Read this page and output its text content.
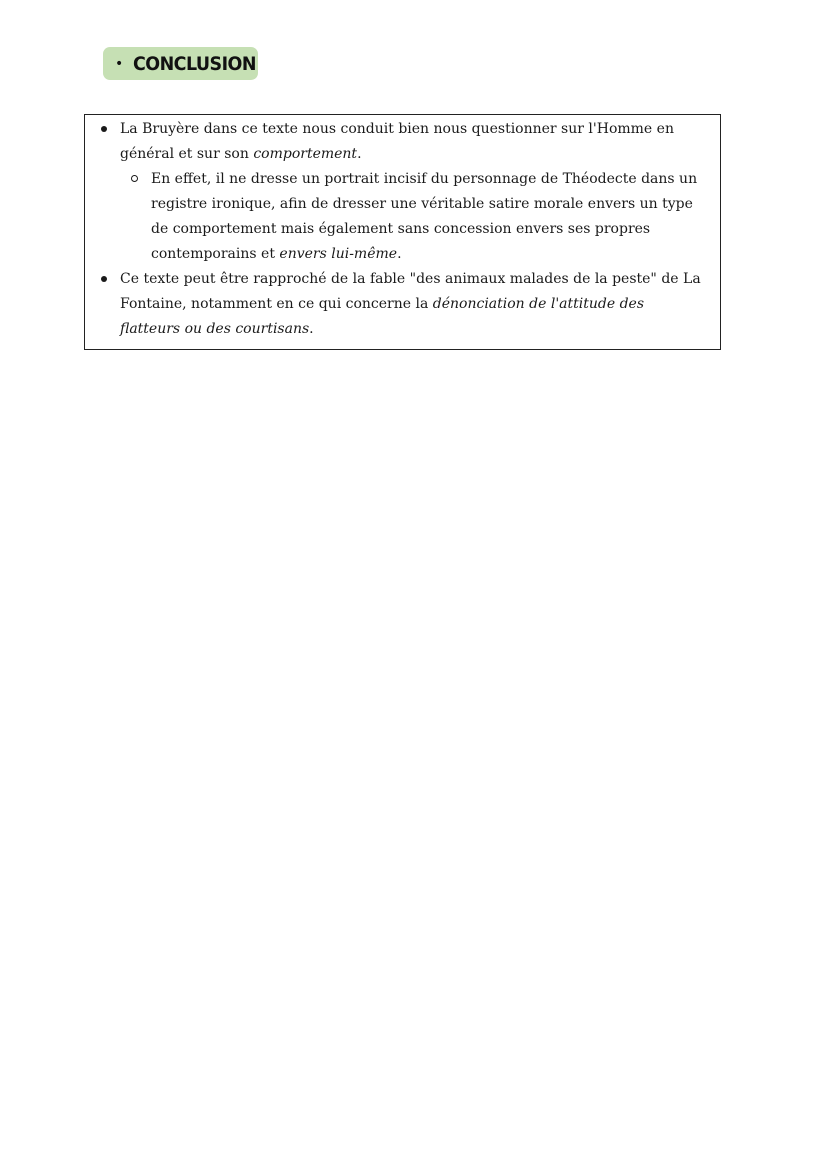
• CONCLUSION
La Bruyère dans ce texte nous conduit bien nous questionner sur l'Homme en
général et sur son comportement.
En effet, il ne dresse un portrait incisif du personnage de Théodecte dans un
registre ironique, afin de dresser une véritable satire morale envers un type
de comportement mais également sans concession envers ses propres
contemporains et envers lui-même.
Ce texte peut être rapproché de la fable "des animaux malades de la peste" de La
Fontaine, notamment en ce qui concerne la dénonciation de l'attitude des
flatteurs ou des courtisans.
